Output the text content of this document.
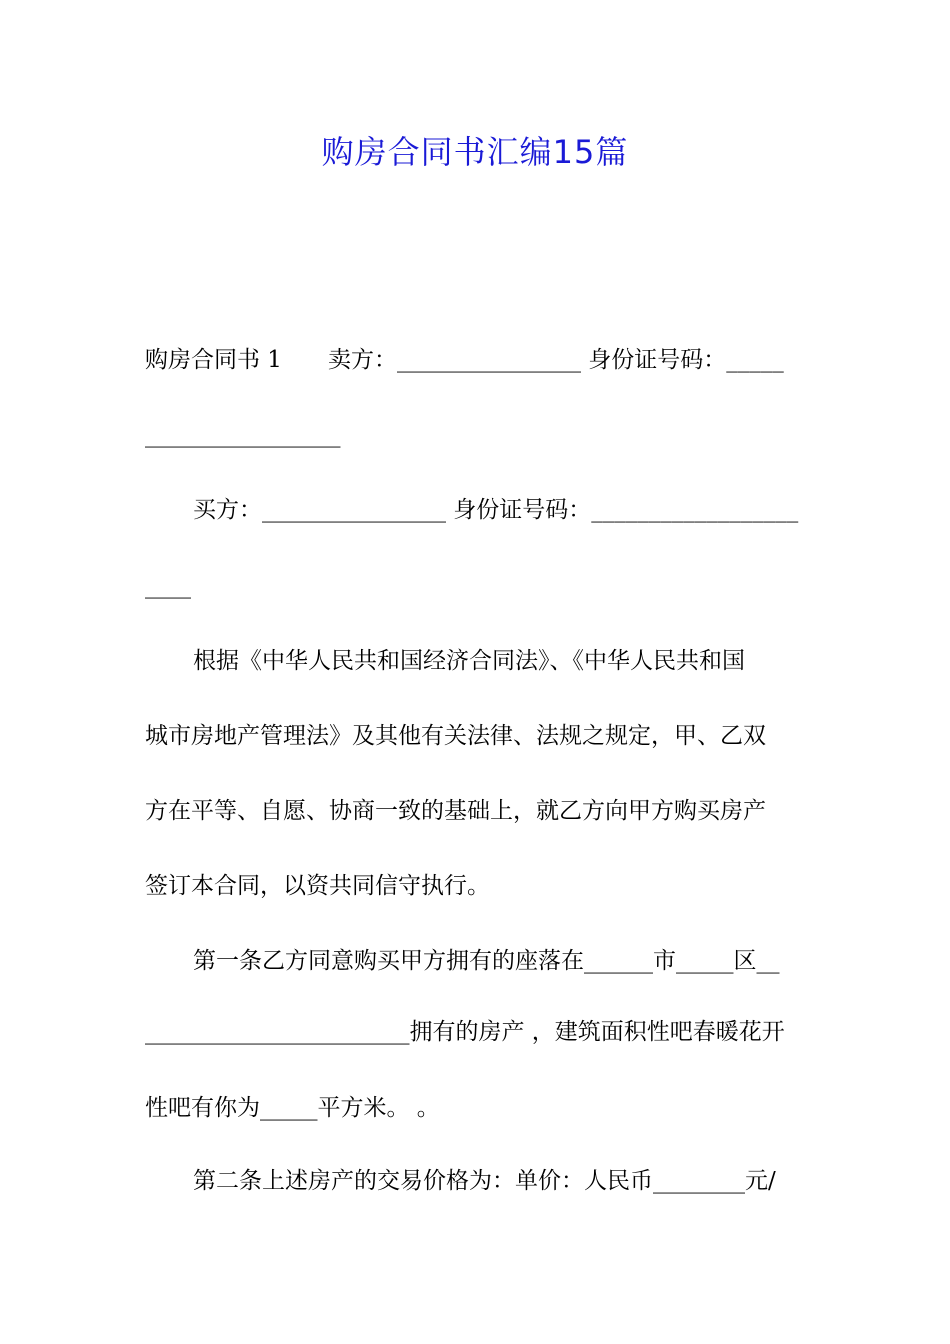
购房合同书汇编15篇
购房合同书 1　　卖方：________________ 身份证号码：_____
_________________
买方：________________ 身份证号码：__________________
____
根据《中华人民共和国经济合同法》、《中华人民共和国
城市房地产管理法》及其他有关法律、法规之规定，甲、乙双
方在平等、自愿、协商一致的基础上，就乙方向甲方购买房产
签订本合同，以资共同信守执行。
第一条乙方同意购买甲方拥有的座落在______市_____区__
_______________________拥有的房产 ，建筑面积性吧春暖花开
性吧有你为_____平方米。 。
第二条上述房产的交易价格为：单价：人民币________元/
